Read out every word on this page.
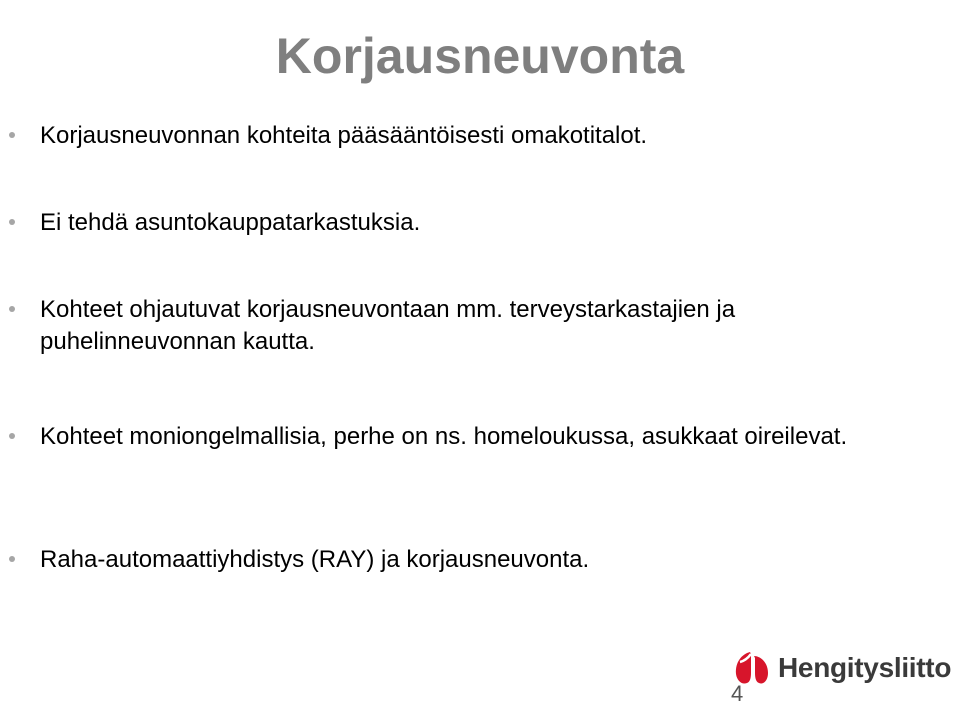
Korjausneuvonta
Korjausneuvonnan kohteita pääsääntöisesti omakotitalot.
Ei tehdä asuntokauppatarkastuksia.
Kohteet ohjautuvat korjausneuvontaan mm. terveystarkastajien ja puhelinneuvonnan kautta.
Kohteet moniongelmallisia, perhe on ns. homeloukussa, asukkaat oireilevat.
Raha-automaattiyhdistys (RAY) ja korjausneuvonta.
Hengitysliitto
4
